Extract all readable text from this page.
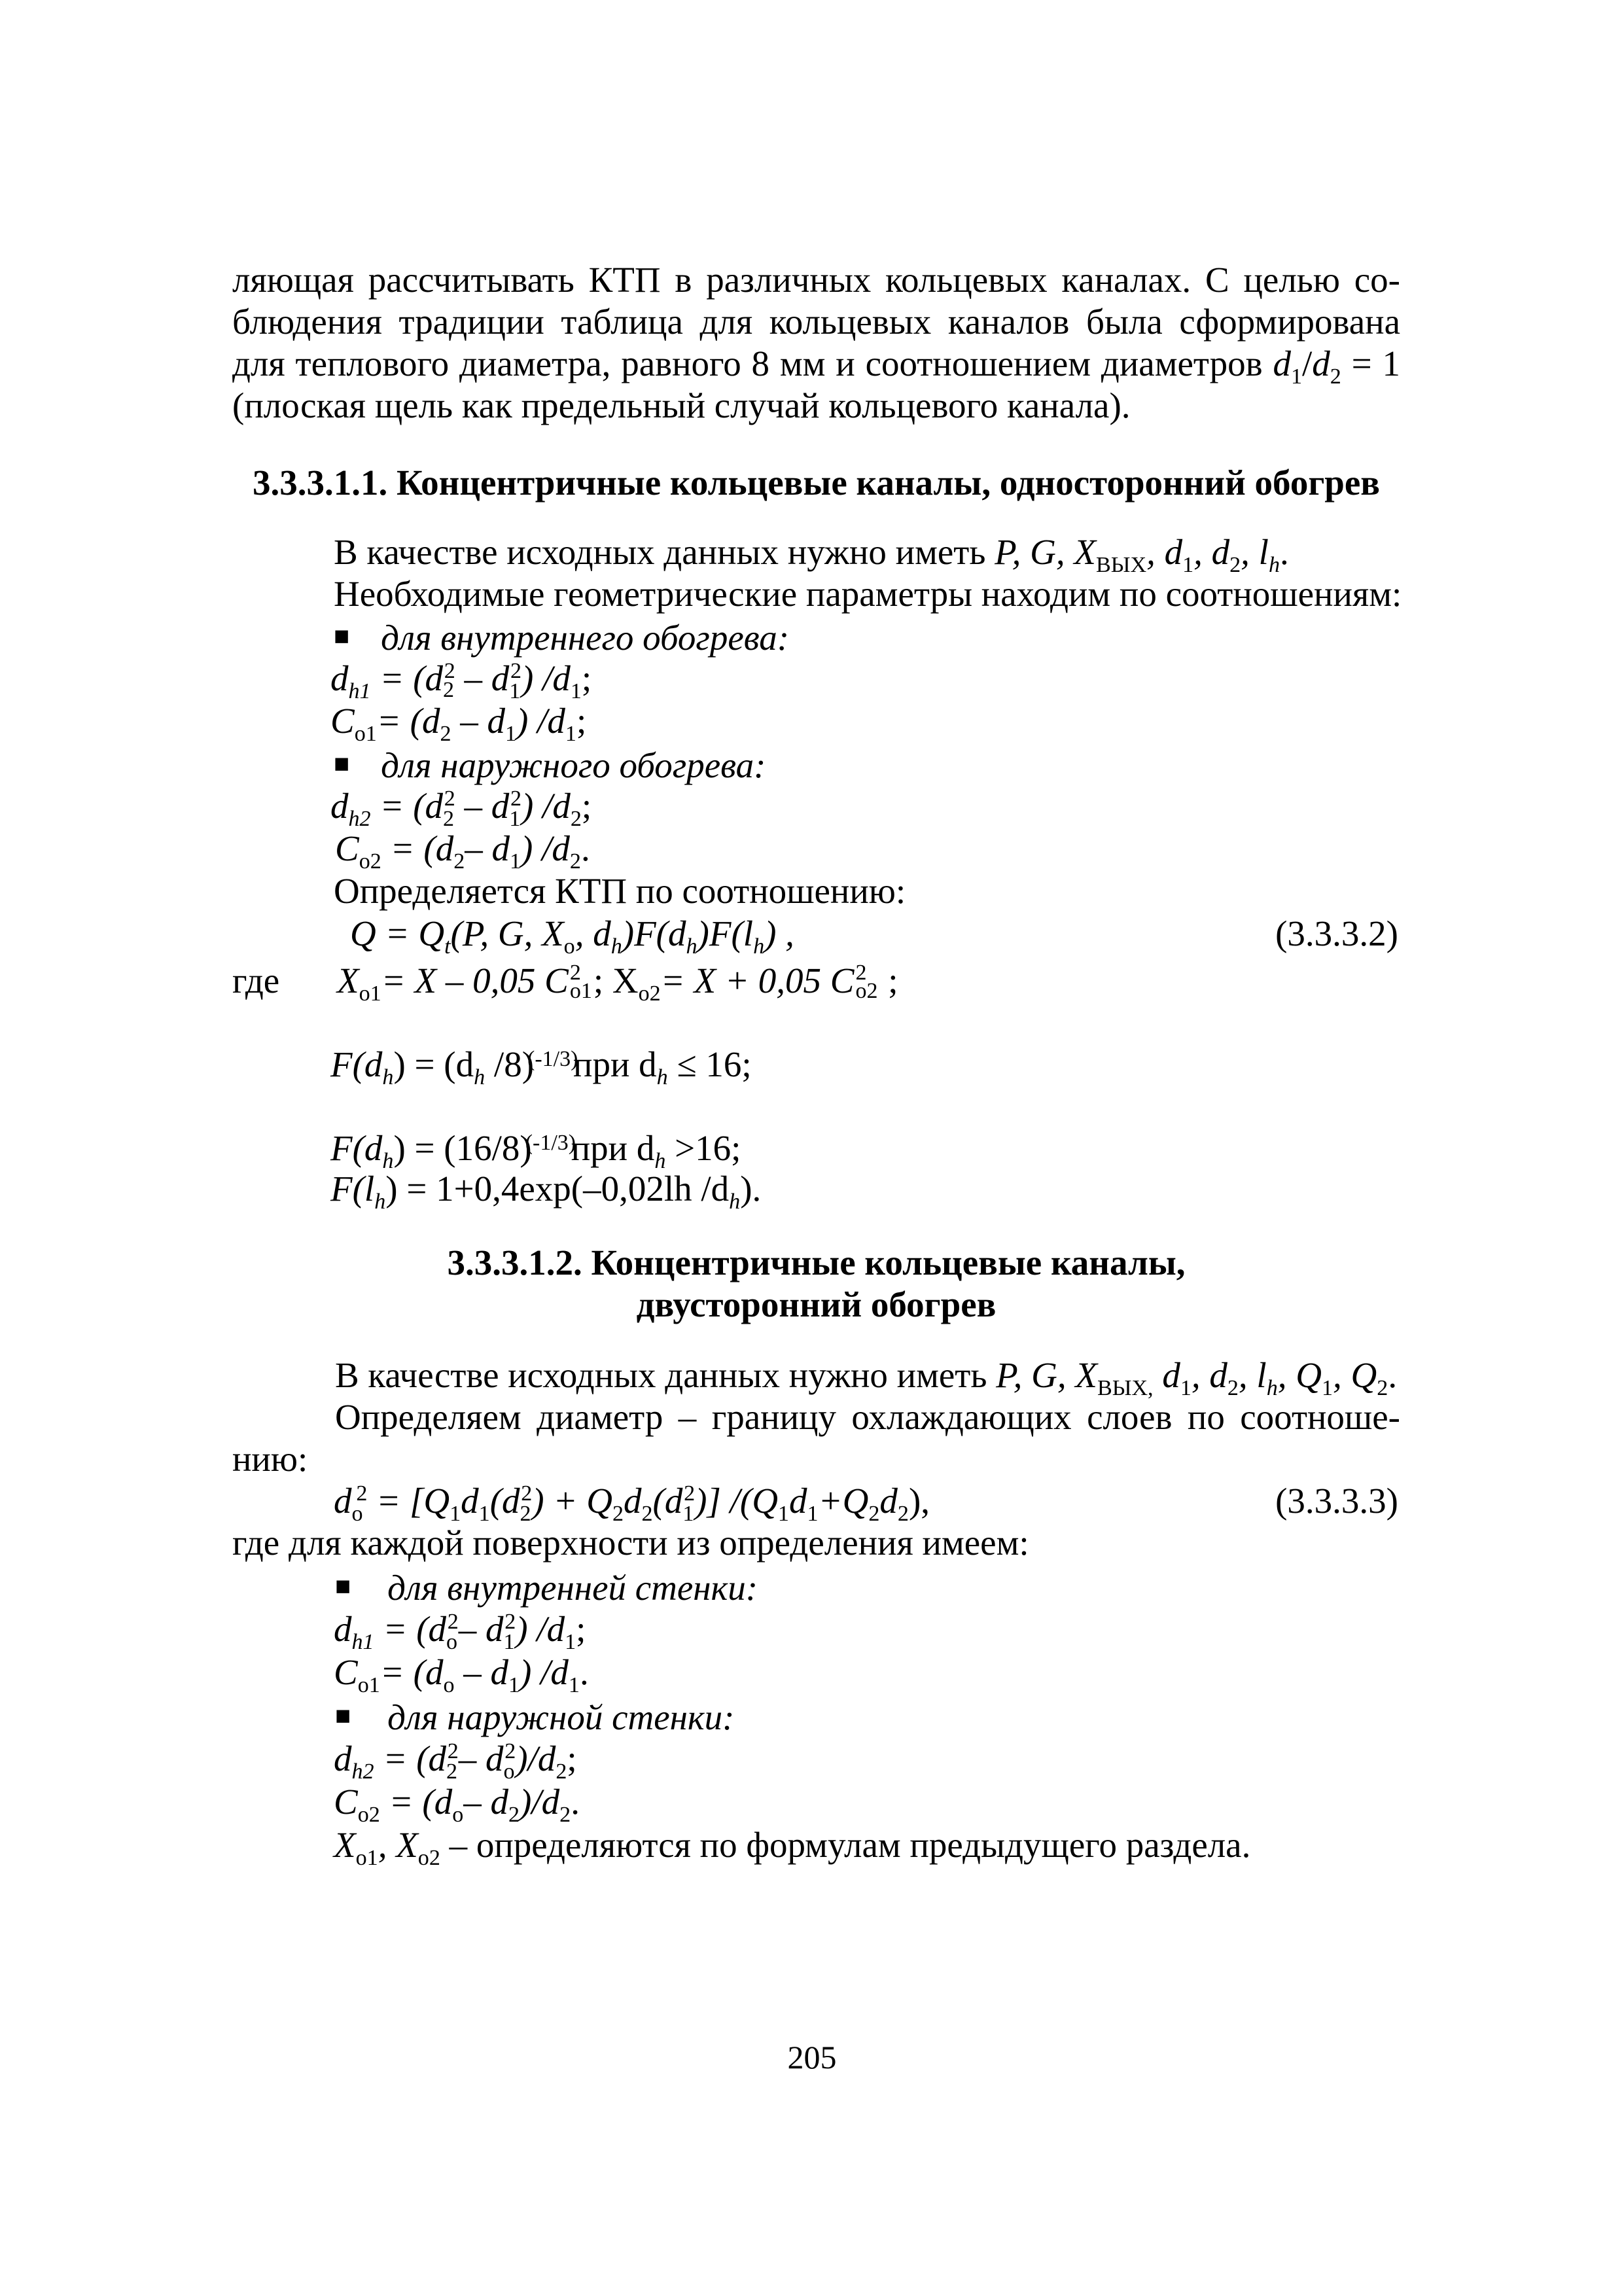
ляющая рассчитывать КТП в различных кольцевых каналах. С целью со-
блюдения традиции таблица для кольцевых каналов была сформирована
для теплового диаметра, равного 8 мм и соотношением диаметров $d_1/d_2 = 1$
(плоская щель как предельный случай кольцевого канала).
3.3.3.1.1. Концентричные кольцевые каналы, односторонний обогрев
В качестве исходных данных нужно иметь P, G, $X_{ВЫХ}$, $d_1$, $d_2$, $l_h$.
Необходимые геометрические параметры находим по соотношениям:
■ для внутреннего обогрева:
$d_{h1} = (d_2^2 - d_1^2)$ $/d_1$;
$C_{o1}= (d_2 - d_1)$ $/d_1$;
■ для наружного обогрева:
$d_{h2} = (d_2^2 - d_1^2)$ $/d_2$;
$C_{o2} = (d_2-$ $d_1$) $/d_2$.
Определяется КТП по соотношению:
$Q = Q_t(P$, G, $X_o$, $d_h)F(d_h)F(l_h)$ ,	(3.3.3.2)
где $X_{o1}= X - 0,05$ C 2
o1 ; $X_{o2}= X + 0,05$ C 2
o2 ;
$F(d_h) = (d_h$ /8)
(-1/3)
при $d_h \le 16$;
$F(d_h) = (16/8)$
(-1/3)
при $d_h >16$;
$F(l_h) = 1+0,4\exp(-0,02lh$ $/d_h$).
3.3.3.1.2. Концентричные кольцевые каналы,
двусторонний обогрев
В качестве исходных данных нужно иметь P, G, $X_{ВЫХ,}$ $d_1$, $d_2$, $l_h$, $Q_1$, $Q_2$.
Определяем диаметр – границу охлаждающих слоев по соотноше-
нию:
$d_o^2 = [Q_1d_1(d_2^2) + Q_2d_2(d_1^2)]$ $/(Q_1d_1+Q_2d_2)$,	(3.3.3.3)
где для каждой поверхности из определения имеем:
■ для внутренней стенки:
$d_{h1} = (d_o^2-$ $d_1^2$) $/d_1$;
$C_{o1}= (d_o - d_1)$ $/d_1$.
■ для наружной стенки:
$d_{h2} = (d_2^2-$ $d_o^2)/d_2$;
$C_{o2} = (d_o-$ $d_2)/d_2$.
$X_{o1}$, $X_{o2}$ – определяются по формулам предыдущего раздела.
205
